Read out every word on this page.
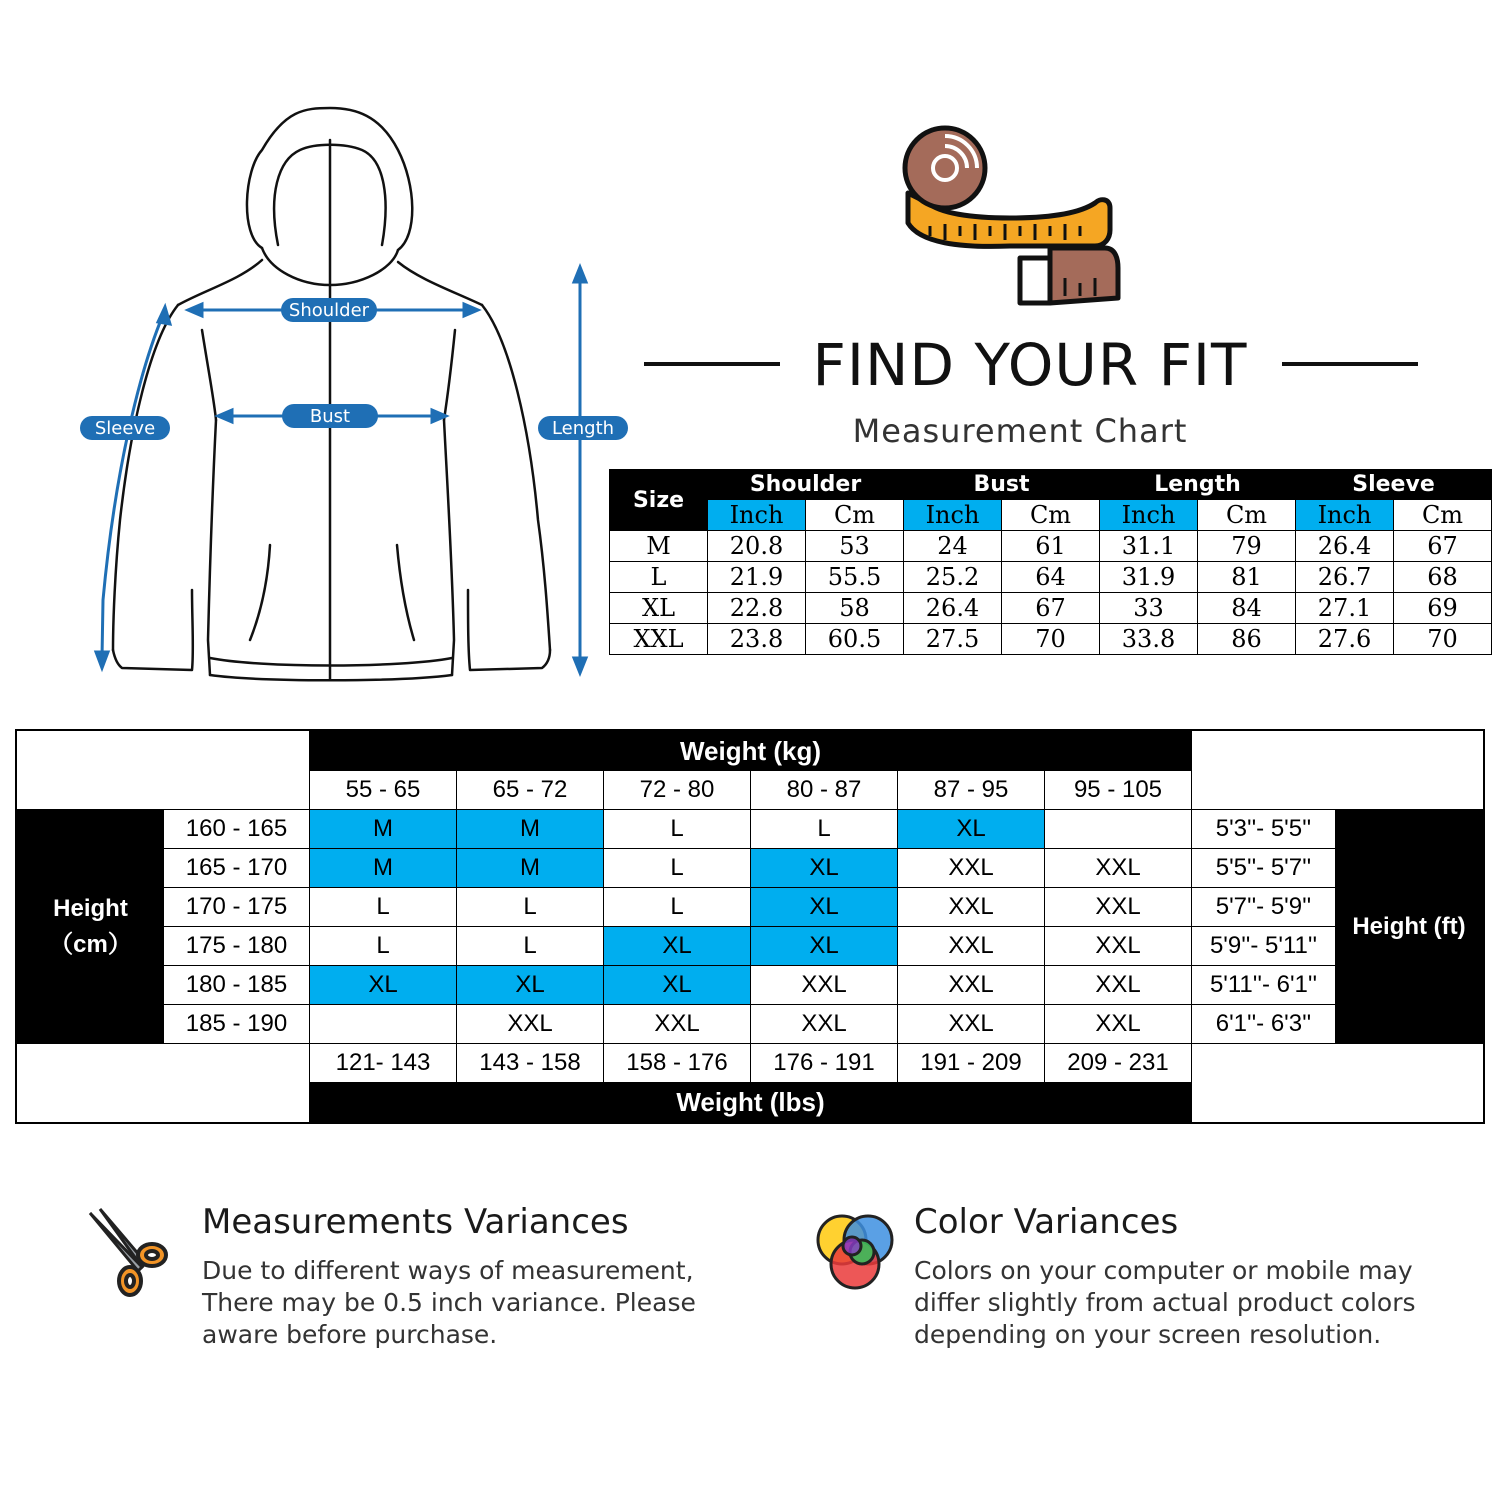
Shoulder
Bust
Sleeve	Length
FIND YOUR FIT
Measurement Chart
Size	Shoulder		Bust		Length		Sleeve	
	Inch	Cm	Inch	Cm	Inch	Cm	Inch	Cm
M	20.8	53	24	61	31.1	79	26.4	67
L	21.9	55.5	25.2	64	31.9	81	26.7	68
XL	22.8	58	26.4	67	33	84	27.1	69
XXL	23.8	60.5	27.5	70	33.8	86	27.6	70
		Weight (kg)							
		55 - 65	65 - 72	72 - 80	80 - 87	87 - 95	95 - 105		
Height （cm）	160 - 165	M	M	L	L	XL		5'3''- 5'5''	Height (ft)
	165 - 170	M	M	L	XL	XXL	XXL	5'5''- 5'7''	
	170 - 175	L	L	L	XL	XXL	XXL	5'7''- 5'9''	
	175 - 180	L	L	XL	XL	XXL	XXL	5'9''- 5'11''	
	180 - 185	XL	XL	XL	XXL	XXL	XXL	5'11''- 6'1''	
	185 - 190		XXL	XXL	XXL	XXL	XXL	6'1''- 6'3''	
		121- 143	143 - 158	158 - 176	176 - 191	191 - 209	209 - 231		
		Weight (lbs)							
Measurements Variances
Due to different ways of measurement,
There may be 0.5 inch variance. Please
aware before purchase.
Color Variances
Colors on your computer or mobile may
differ slightly from actual product colors
depending on your screen resolution.
